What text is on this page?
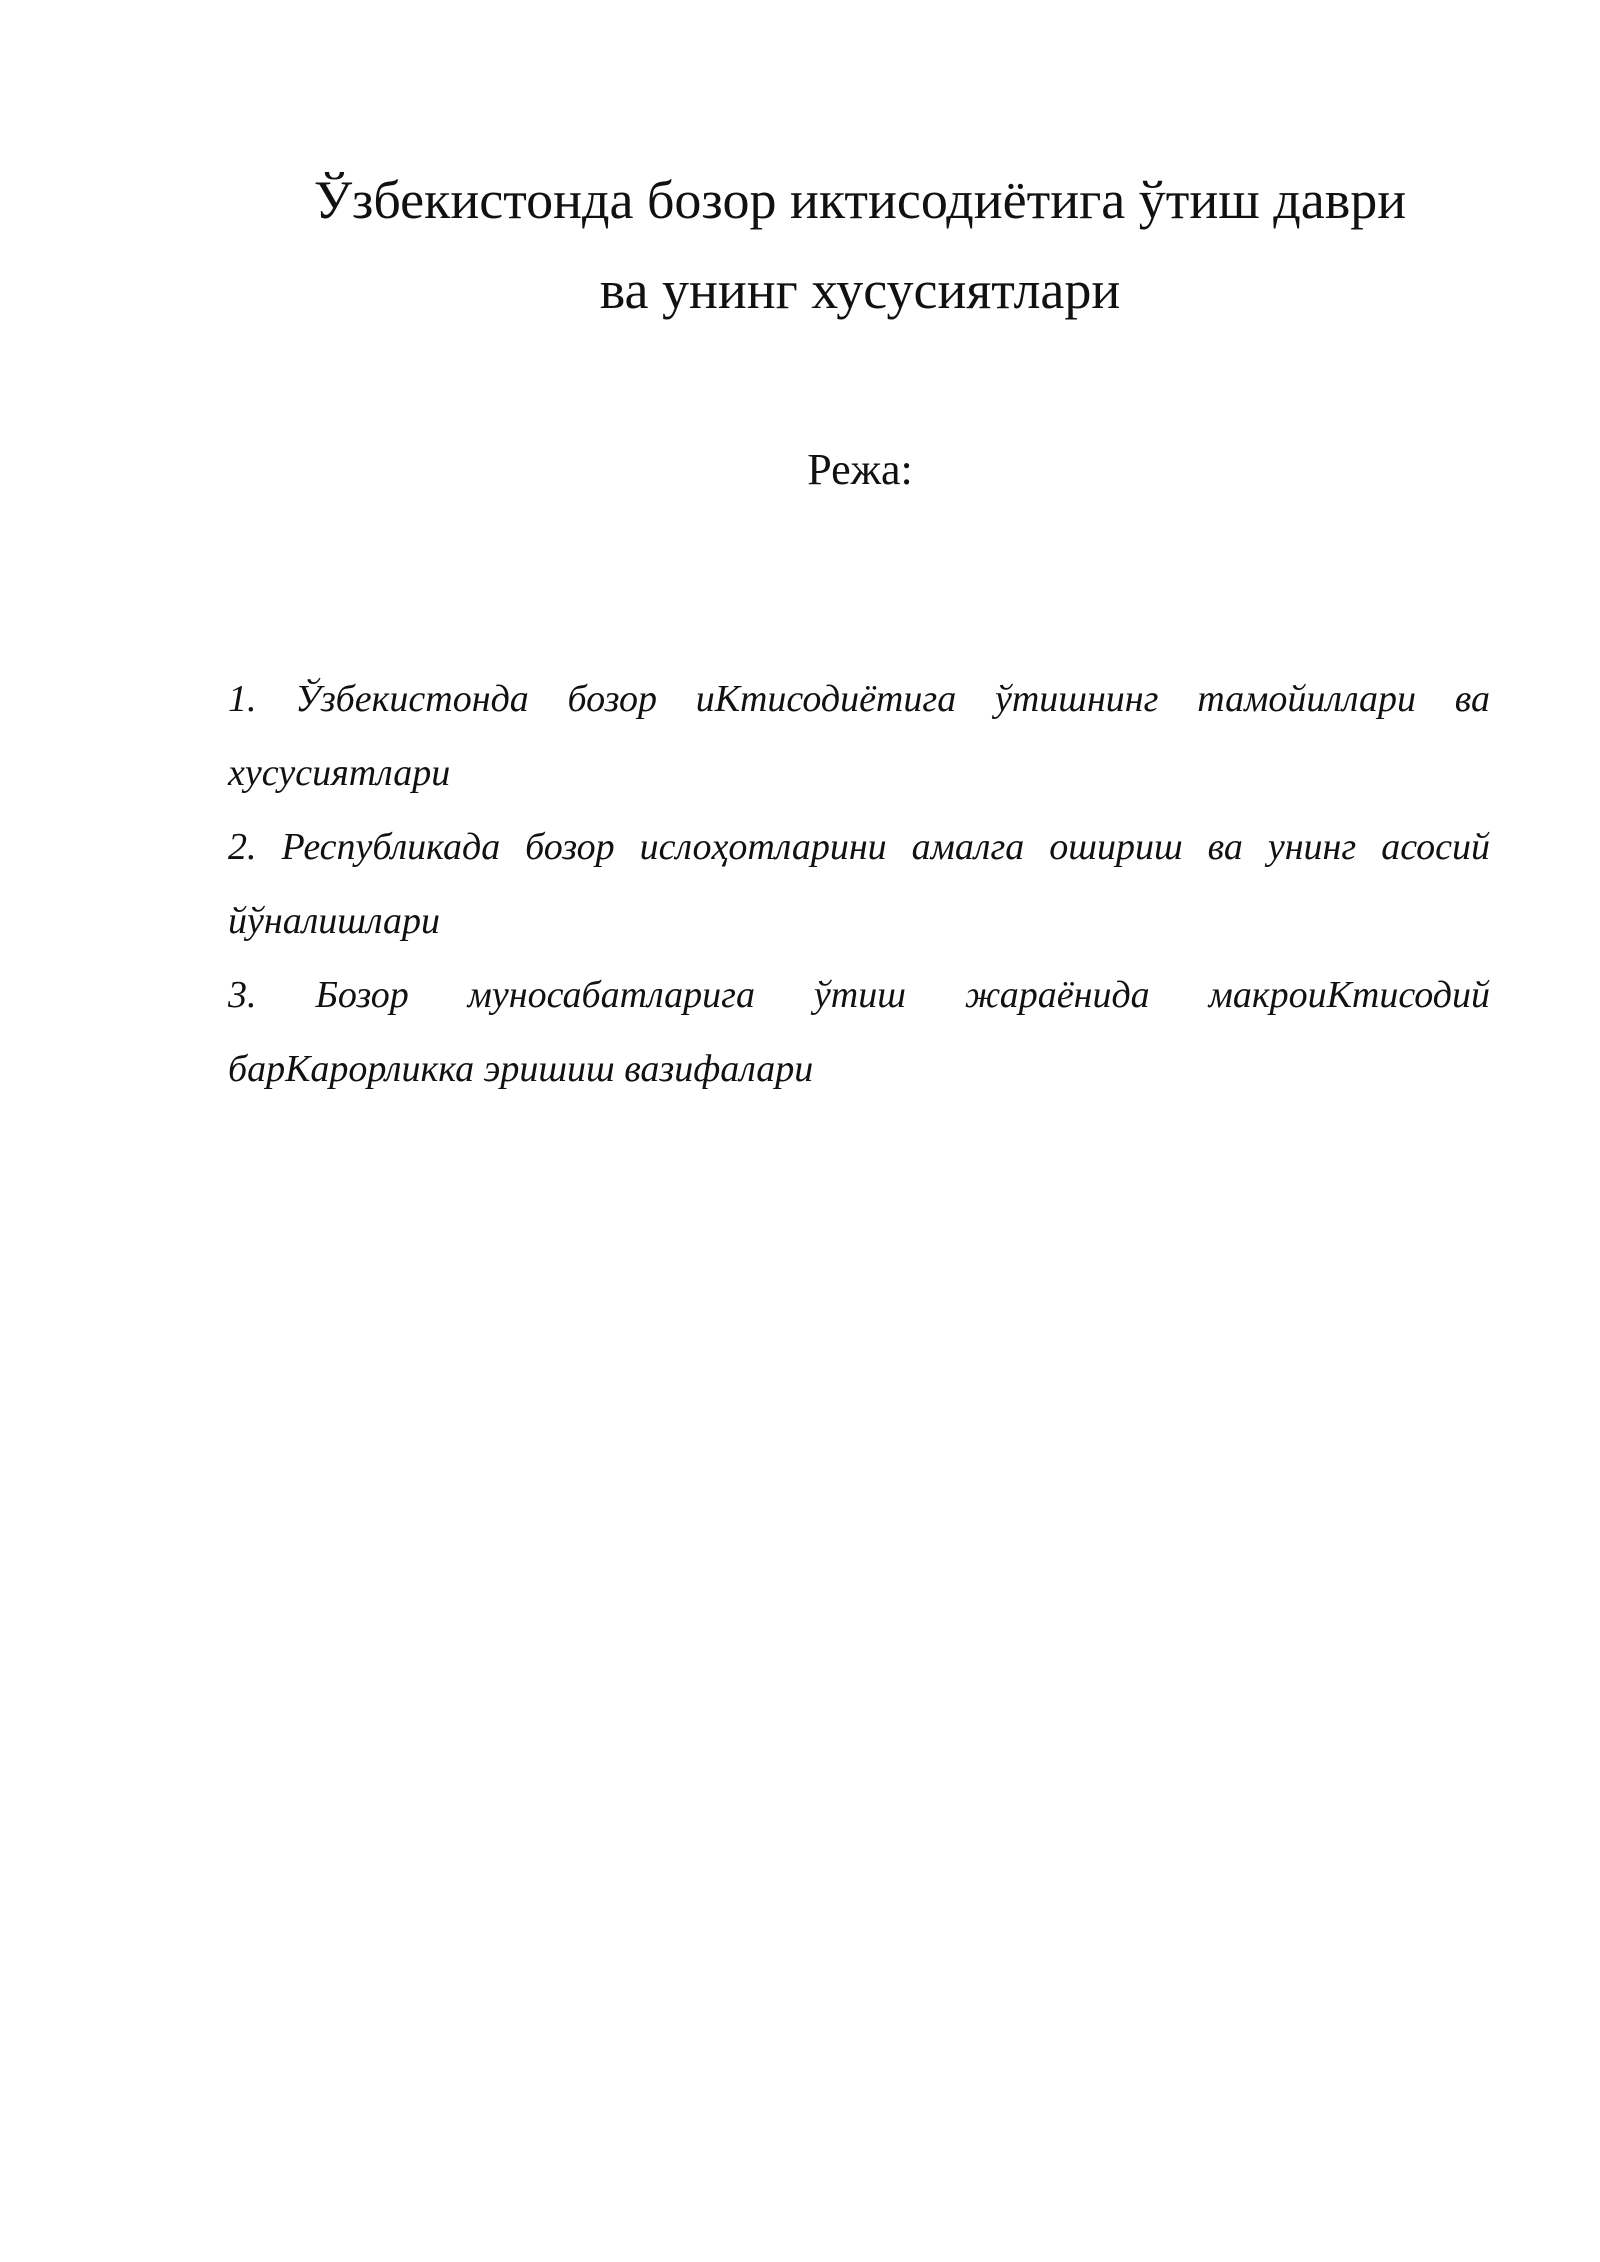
Ўзбекистонда бозор иктисодиётига ўтиш даври
ва унинг хусусиятлари
Режа:
1. Ўзбекистонда бозор иКтисодиётига ўтишнинг тамойиллари ва хусусиятлари
2. Республикада бозор ислоҳотларини амалга ошириш ва унинг асосий йўналишлари
3. Бозор муносабатларига ўтиш жараёнида макроиКтисодий барКарорликка эришиш вазифалари
